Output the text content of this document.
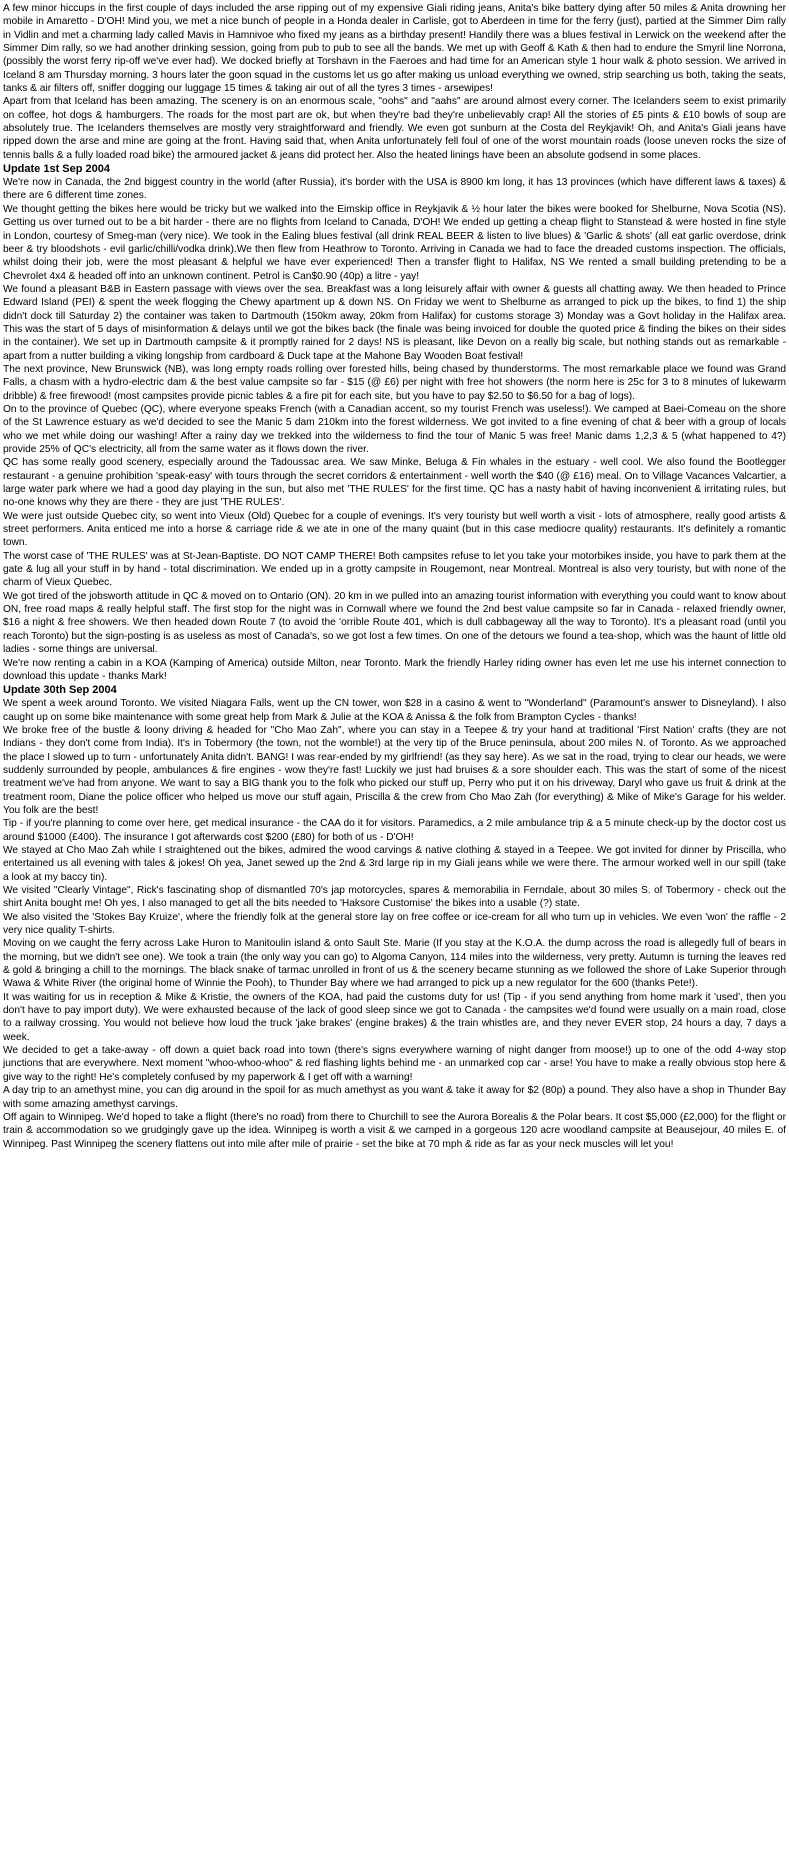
A few minor hiccups in the first couple of days included the arse ripping out of my expensive Giali riding jeans, Anita's bike battery dying after 50 miles & Anita drowning her mobile in Amaretto - D'OH! Mind you, we met a nice bunch of people in a Honda dealer in Carlisle, got to Aberdeen in time for the ferry (just), partied at the Simmer Dim rally in Vidlin and met a charming lady called Mavis in Hamnivoe who fixed my jeans as a birthday present! Handily there was a blues festival in Lerwick on the weekend after the Simmer Dim rally, so we had another drinking session, going from pub to pub to see all the bands. We met up with Geoff & Kath & then had to endure the Smyril line Norrona, (possibly the worst ferry rip-off we've ever had). We docked briefly at Torshavn in the Faeroes and had time for an American style 1 hour walk & photo session. We arrived in Iceland 8 am Thursday morning. 3 hours later the goon squad in the customs let us go after making us unload everything we owned, strip searching us both, taking the seats, tanks & air filters off, sniffer dogging our luggage 15 times & taking air out of all the tyres 3 times - arsewipes!

Apart from that Iceland has been amazing. The scenery is on an enormous scale, "oohs" and "aahs" are around almost every corner. The Icelanders seem to exist primarily on coffee, hot dogs & hamburgers. The roads for the most part are ok, but when they're bad they're unbelievably crap! All the stories of £5 pints & £10 bowls of soup are absolutely true. The Icelanders themselves are mostly very straightforward and friendly. We even got sunburn at the Costa del Reykjavik! Oh, and Anita's Giali jeans have ripped down the arse and mine are going at the front. Having said that, when Anita unfortunately fell foul of one of the worst mountain roads (loose uneven rocks the size of tennis balls & a fully loaded road bike) the armoured jacket & jeans did protect her. Also the heated linings have been an absolute godsend in some places.

Update 1st Sep 2004

We're now in Canada, the 2nd biggest country in the world (after Russia), it's border with the USA is 8900 km long, it has 13 provinces (which have different laws & taxes) & there are 6 different time zones.

We thought getting the bikes here would be tricky but we walked into the Eimskip office in Reykjavik & ½ hour later the bikes were booked for Shelburne, Nova Scotia (NS). Getting us over turned out to be a bit harder - there are no flights from Iceland to Canada, D'OH! We ended up getting a cheap flight to Stanstead & were hosted in fine style in London, courtesy of Smeg-man (very nice). We took in the Ealing blues festival (all drink REAL BEER & listen to live blues) & 'Garlic & shots' (all eat garlic overdose, drink beer & try bloodshots - evil garlic/chilli/vodka drink).We then flew from Heathrow to Toronto. Arriving in Canada we had to face the dreaded customs inspection. The officials, whilst doing their job, were the most pleasant & helpful we have ever experienced! Then a transfer flight to Halifax, NS We rented a small building pretending to be a Chevrolet 4x4 & headed off into an unknown continent. Petrol is Can$0.90 (40p) a litre - yay!

We found a pleasant B&B in Eastern passage with views over the sea. Breakfast was a long leisurely affair with owner & guests all chatting away. We then headed to Prince Edward Island (PEI) & spent the week flogging the Chewy apartment up & down NS. On Friday we went to Shelburne as arranged to pick up the bikes, to find 1) the ship didn't dock till Saturday 2) the container was taken to Dartmouth (150km away, 20km from Halifax) for customs storage 3) Monday was a Govt holiday in the Halifax area. This was the start of 5 days of misinformation & delays until we got the bikes back (the finale was being invoiced for double the quoted price & finding the bikes on their sides in the container). We set up in Dartmouth campsite & it promptly rained for 2 days! NS is pleasant, like Devon on a really big scale, but nothing stands out as remarkable - apart from a nutter building a viking longship from cardboard & Duck tape at the Mahone Bay Wooden Boat festival!

The next province, New Brunswick (NB), was long empty roads rolling over forested hills, being chased by thunderstorms. The most remarkable place we found was Grand Falls, a chasm with a hydro-electric dam & the best value campsite so far - $15 (@ £6) per night with free hot showers (the norm here is 25c for 3 to 8 minutes of lukewarm dribble) & free firewood! (most campsites provide picnic tables & a fire pit for each site, but you have to pay $2.50 to $6.50 for a bag of logs).

On to the province of Quebec (QC), where everyone speaks French (with a Canadian accent, so my tourist French was useless!). We camped at Baei-Comeau on the shore of the St Lawrence estuary as we'd decided to see the Manic 5 dam 210km into the forest wilderness. We got invited to a fine evening of chat & beer with a group of locals who we met while doing our washing! After a rainy day we trekked into the wilderness to find the tour of Manic 5 was free! Manic dams 1,2,3 & 5 (what happened to 4?) provide 25% of QC's electricity, all from the same water as it flows down the river.

QC has some really good scenery, especially around the Tadoussac area. We saw Minke, Beluga & Fin whales in the estuary - well cool. We also found the Bootlegger restaurant - a genuine prohibition 'speak-easy' with tours through the secret corridors & entertainment - well worth the $40 (@ £16) meal. On to Village Vacances Valcartier, a large water park where we had a good day playing in the sun, but also met 'THE RULES' for the first time. QC has a nasty habit of having inconvenient & irritating rules, but no-one knows why they are there - they are just 'THE RULES'.

We were just outside Quebec city, so went into Vieux (Old) Quebec for a couple of evenings. It's very touristy but well worth a visit - lots of atmosphere, really good artists & street performers. Anita enticed me into a horse & carriage ride & we ate in one of the many quaint (but in this case mediocre quality) restaurants. It's definitely a romantic town.

The worst case of 'THE RULES' was at St-Jean-Baptiste. DO NOT CAMP THERE! Both campsites refuse to let you take your motorbikes inside, you have to park them at the gate & lug all your stuff in by hand - total discrimination. We ended up in a grotty campsite in Rougemont, near Montreal. Montreal is also very touristy, but with none of the charm of Vieux Quebec.

We got tired of the jobsworth attitude in QC & moved on to Ontario (ON). 20 km in we pulled into an amazing tourist information with everything you could want to know about ON, free road maps & really helpful staff. The first stop for the night was in Cornwall where we found the 2nd best value campsite so far in Canada - relaxed friendly owner, $16 a night & free showers. We then headed down Route 7 (to avoid the 'orrible Route 401, which is dull cabbageway all the way to Toronto). It's a pleasant road (until you reach Toronto) but the sign-posting is as useless as most of Canada's, so we got lost a few times. On one of the detours we found a tea-shop, which was the haunt of little old ladies - some things are universal.

We're now renting a cabin in a KOA (Kamping of America) outside Milton, near Toronto. Mark the friendly Harley riding owner has even let me use his internet connection to download this update - thanks Mark!

Update 30th Sep 2004

We spent a week around Toronto. We visited Niagara Falls, went up the CN tower, won $28 in a casino & went to "Wonderland" (Paramount's answer to Disneyland). I also caught up on some bike maintenance with some great help from Mark & Julie at the KOA & Anissa & the folk from Brampton Cycles - thanks!

We broke free of the bustle & loony driving & headed for "Cho Mao Zah", where you can stay in a Teepee & try your hand at traditional 'First Nation' crafts (they are not Indians - they don't come from India). It's in Tobermory (the town, not the womble!) at the very tip of the Bruce peninsula, about 200 miles N. of Toronto. As we approached the place I slowed up to turn - unfortunately Anita didn't. BANG! I was rear-ended by my girlfriend! (as they say here). As we sat in the road, trying to clear our heads, we were suddenly surrounded by people, ambulances & fire engines - wow they're fast! Luckily we just had bruises & a sore shoulder each. This was the start of some of the nicest treatment we've had from anyone. We want to say a BIG thank you to the folk who picked our stuff up, Perry who put it on his driveway, Daryl who gave us fruit & drink at the treatment room, Diane the police officer who helped us move our stuff again, Priscilla & the crew from Cho Mao Zah (for everything) & Mike of Mike's Garage for his welder. You folk are the best!

Tip - if you're planning to come over here, get medical insurance - the CAA do it for visitors. Paramedics, a 2 mile ambulance trip & a 5 minute check-up by the doctor cost us around $1000 (£400). The insurance I got afterwards cost $200 (£80) for both of us - D'OH!

We stayed at Cho Mao Zah while I straightened out the bikes, admired the wood carvings & native clothing & stayed in a Teepee. We got invited for dinner by Priscilla, who entertained us all evening with tales & jokes! Oh yea, Janet sewed up the 2nd & 3rd large rip in my Giali jeans while we were there. The armour worked well in our spill (take a look at my baccy tin).

We visited "Clearly Vintage", Rick's fascinating shop of dismantled 70's jap motorcycles, spares & memorabilia in Ferndale, about 30 miles S. of Tobermory - check out the shirt Anita bought me! Oh yes, I also managed to get all the bits needed to 'Haksore Customise' the bikes into a usable (?) state.

We also visited the 'Stokes Bay Kruize', where the friendly folk at the general store lay on free coffee or ice-cream for all who turn up in vehicles. We even 'won' the raffle - 2 very nice quality T-shirts.

Moving on we caught the ferry across Lake Huron to Manitoulin island & onto Sault Ste. Marie (If you stay at the K.O.A. the dump across the road is allegedly full of bears in the morning, but we didn't see one). We took a train (the only way you can go) to Algoma Canyon, 114 miles into the wilderness, very pretty. Autumn is turning the leaves red & gold & bringing a chill to the mornings. The black snake of tarmac unrolled in front of us & the scenery became stunning as we followed the shore of Lake Superior through Wawa & White River (the original home of Winnie the Pooh), to Thunder Bay where we had arranged to pick up a new regulator for the 600 (thanks Pete!).

It was waiting for us in reception & Mike & Kristie, the owners of the KOA, had paid the customs duty for us! (Tip - if you send anything from home mark it 'used', then you don't have to pay import duty). We were exhausted because of the lack of good sleep since we got to Canada - the campsites we'd found were usually on a main road, close to a railway crossing. You would not believe how loud the truck 'jake brakes' (engine brakes) & the train whistles are, and they never EVER stop, 24 hours a day, 7 days a week.

We decided to get a take-away - off down a quiet back road into town (there's signs everywhere warning of night danger from moose!) up to one of the odd 4-way stop junctions that are everywhere. Next moment "whoo-whoo-whoo" & red flashing lights behind me - an unmarked cop car - arse! You have to make a really obvious stop here & give way to the right! He's completely confused by my paperwork & I get off with a warning!

A day trip to an amethyst mine, you can dig around in the spoil for as much amethyst as you want & take it away for $2 (80p) a pound. They also have a shop in Thunder Bay with some amazing amethyst carvings.

Off again to Winnipeg. We'd hoped to take a flight (there's no road) from there to Churchill to see the Aurora Borealis & the Polar bears. It cost $5,000 (£2,000) for the flight or train & accommodation so we grudgingly gave up the idea. Winnipeg is worth a visit & we camped in a gorgeous 120 acre woodland campsite at Beausejour, 40 miles E. of Winnipeg. Past Winnipeg the scenery flattens out into mile after mile of prairie - set the bike at 70 mph & ride as far as your neck muscles will let you!
